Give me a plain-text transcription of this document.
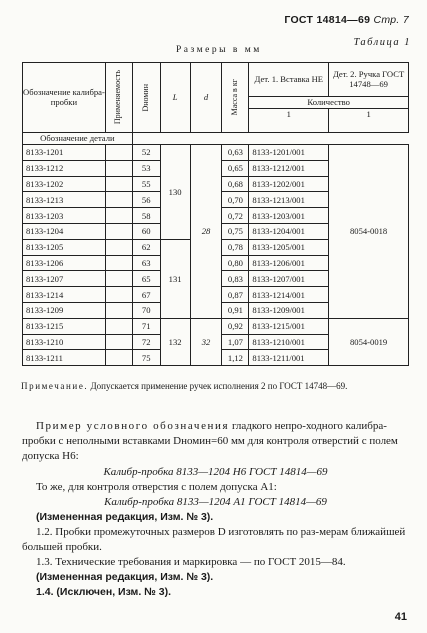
ГОСТ 14814—69 Стр. 7
Размеры в мм
Таблица 1
Обозначение калибра-пробки	Применяемость	Dномин	L	d	Масса в кг	Дет. 1. Вставка НЕ	Дет. 2. Ручка ГОСТ 14748—69
						Количество	
						1	1
Обозначение детали							
8133-1201		52	130	28	0,63	8133-1201/001	8054-0018
8133-1212		53			0,65	8133-1212/001	
8133-1202		55			0,68	8133-1202/001	
8133-1213		56			0,70	8133-1213/001	
8133-1203		58			0,72	8133-1203/001	
8133-1204		60			0,75	8133-1204/001	
8133-1205		62	131		0,78	8133-1205/001	
8133-1206		63			0,80	8133-1206/001	
8133-1207		65			0,83	8133-1207/001	
8133-1214		67			0,87	8133-1214/001	
8133-1209		70			0,91	8133-1209/001	
8133-1215		71	132	32	0,92	8133-1215/001	8054-0019
8133-1210		72			1,07	8133-1210/001	
8133-1211		75			1,12	8133-1211/001	
Примечание. Допускается применение ручек исполнения 2 по ГОСТ 14748—69.

Пример условного обозначения гладкого непро-ходного калибра-пробки с неполными вставками Dномин=60 мм для контроля отверстий с полем допуска H6:

Калибр-пробка 8133—1204 H6 ГОСТ 14814—69

То же, для контроля отверстия с полем допуска A1:

Калибр-пробка 8133—1204 A1 ГОСТ 14814—69

(Измененная редакция, Изм. № 3).

1.2. Пробки промежуточных размеров D изготовлять по раз-мерам ближайшей большей пробки.

1.3. Технические требования и маркировка — по ГОСТ 2015—84.

(Измененная редакция, Изм. № 3).

1.4. (Исключен, Изм. № 3).

41
